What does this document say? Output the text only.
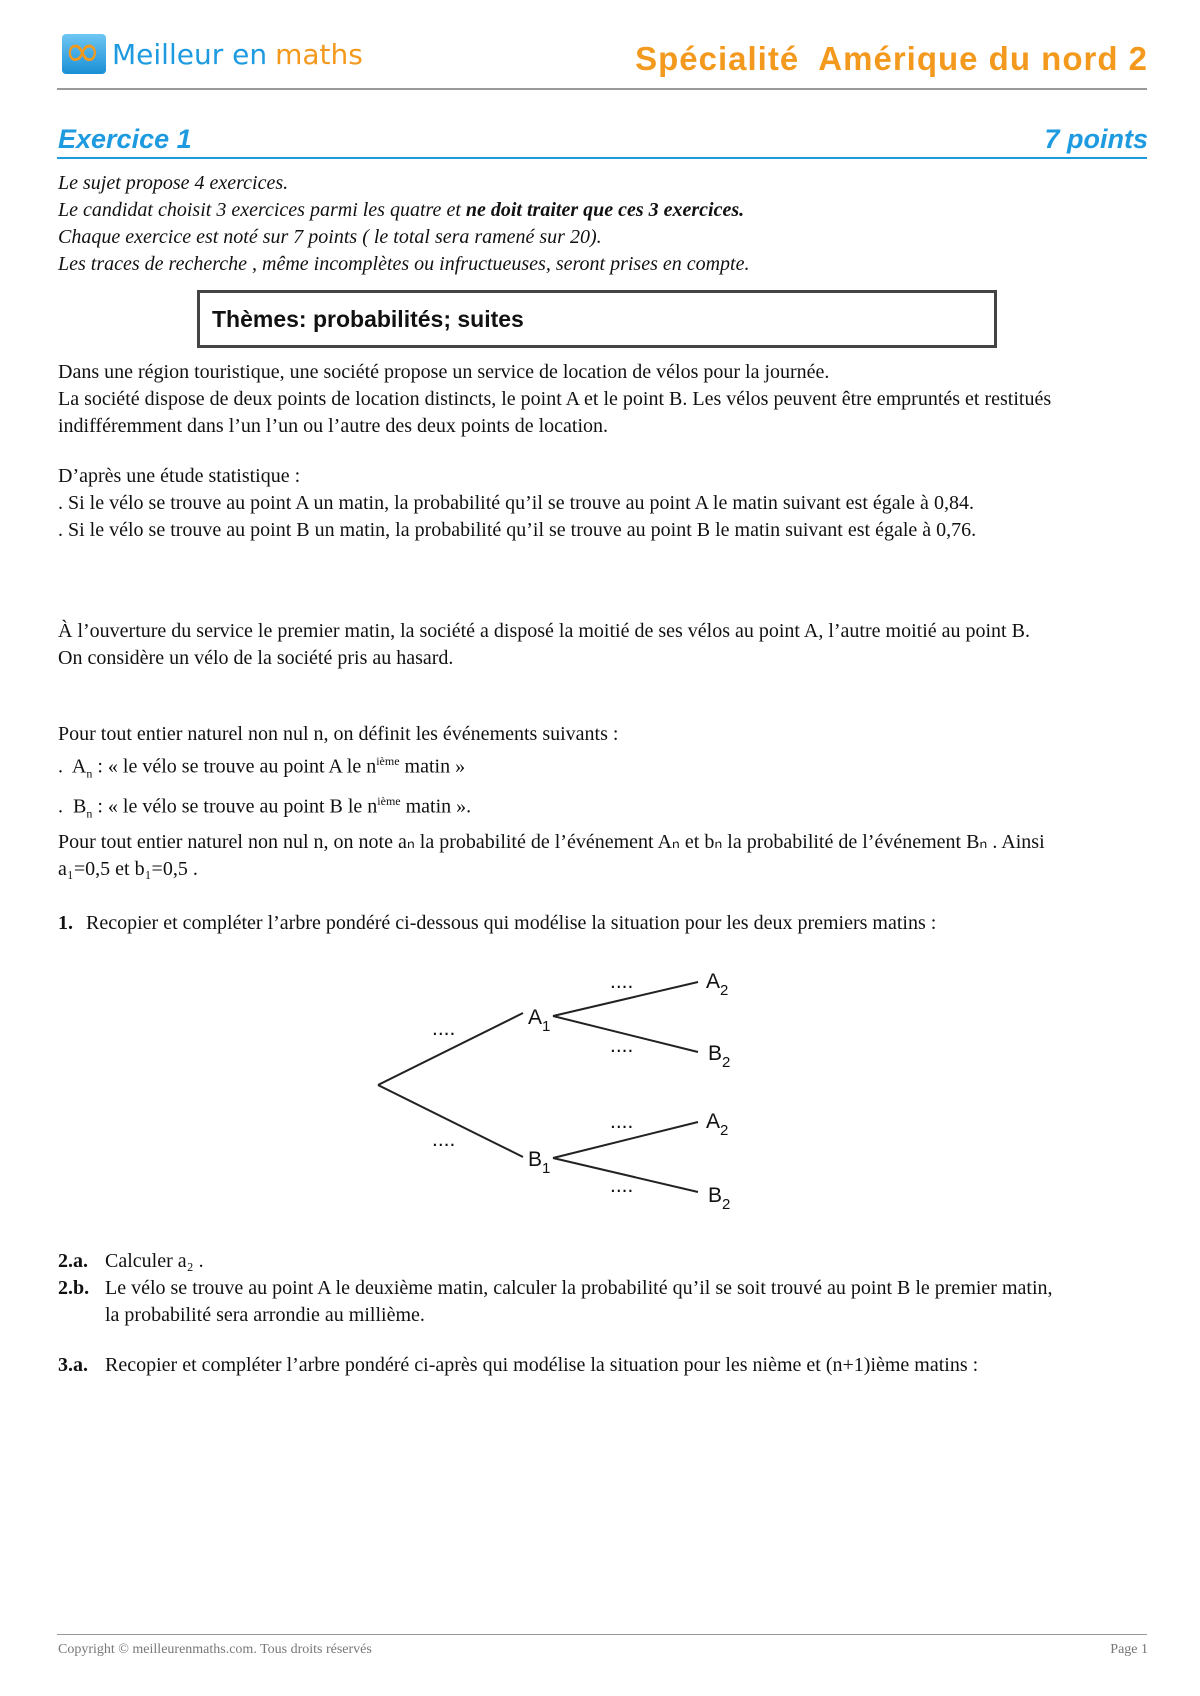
∞
Meilleur en maths	Spécialité  Amérique du nord 2
Exercice 1	7 points
Le sujet propose 4 exercices.
Le candidat choisit 3 exercices parmi les quatre et ne doit traiter que ces 3 exercices.
Chaque exercice est noté sur 7 points ( le total sera ramené sur 20).
Les traces de recherche , même incomplètes ou infructueuses, seront prises en compte.
Thèmes: probabilités; suites
Dans une région touristique, une société propose un service de location de vélos pour la journée.
La société dispose de deux points de location distincts, le point A et le point B. Les vélos peuvent être empruntés et restitués indifféremment dans l’un l’un ou l’autre des deux points de location.
D’après une étude statistique :
. Si le vélo se trouve au point A un matin, la probabilité qu’il se trouve au point A le matin suivant est égale à 0,84.
. Si le vélo se trouve au point B un matin, la probabilité qu’il se trouve au point B le matin suivant est égale à 0,76.
À l’ouverture du service le premier matin, la société a disposé la moitié de ses vélos au point A, l’autre moitié au point B.
On considère un vélo de la société pris au hasard.
Pour tout entier naturel non nul n, on définit les événements suivants :
.  $A_n$ : « le vélo se trouve au point A le $n^{ième}$ matin »
.  $B_n$ : « le vélo se trouve au point B le $n^{ième}$ matin ».
Pour tout entier naturel non nul n, on note aₙ la probabilité de l’événement Aₙ et bₙ la probabilité de l’événement Bₙ . Ainsi a₁=0,5 et b₁=0,5 .
1. Recopier et compléter l’arbre pondéré ci-dessous qui modélise la situation pour les deux premiers matins :
....
....
....
....
....
....
$A_1$
$B_1$
$A_2$
$B_2$
$A_2$
$B_2$
2.a. Calculer a₂ .
2.b. Le vélo se trouve au point A le deuxième matin, calculer la probabilité qu’il se soit trouvé au point B le premier matin, la probabilité sera arrondie au millième.
3.a. Recopier et compléter l’arbre pondéré ci-après qui modélise la situation pour les nième et (n+1)ième matins :
Copyright © meilleurenmaths.com. Tous droits réservés	Page 1
